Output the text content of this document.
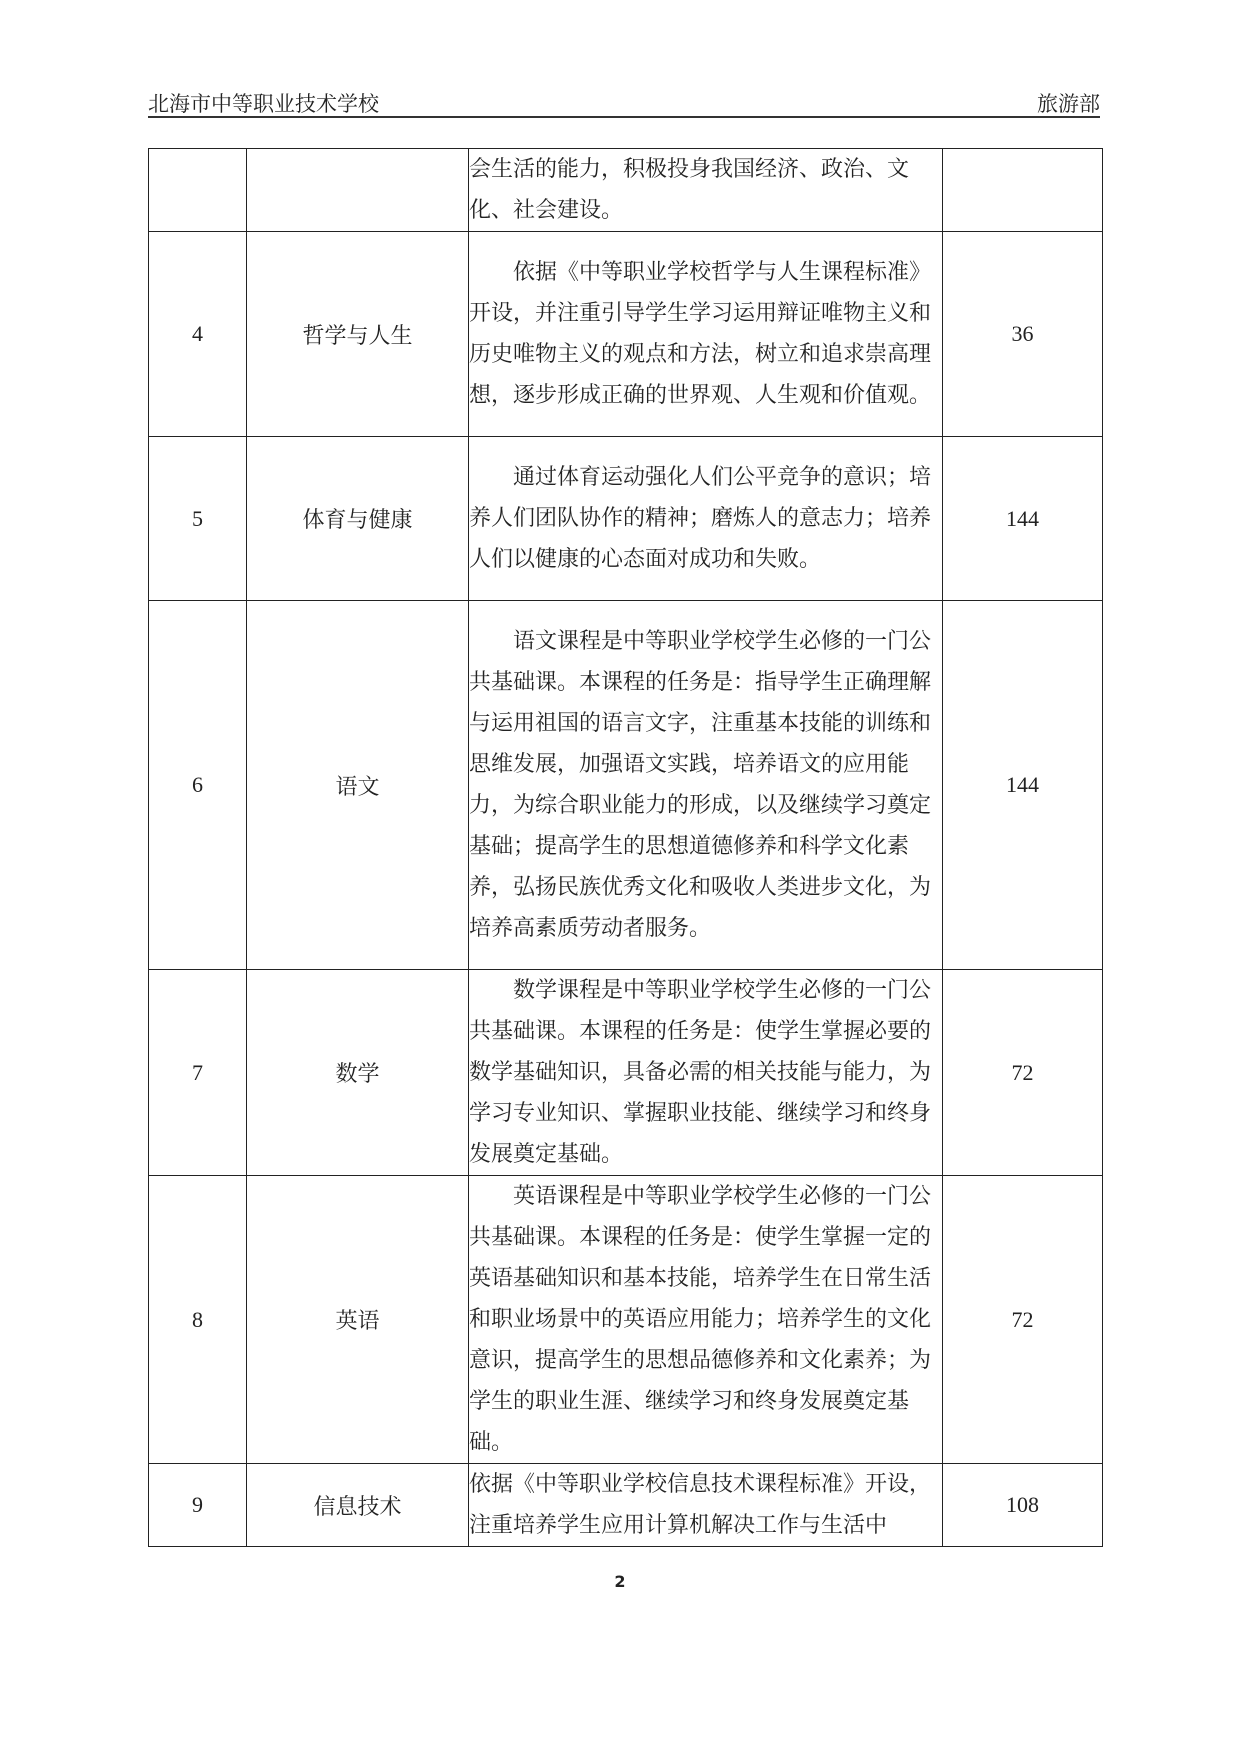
北海市中等职业技术学校	旅游部

		会生活的能力，积极投身我国经济、政治、文化、社会建设。	

4	哲学与人生	依据《中等职业学校哲学与人生课程标准》开设，并注重引导学生学习运用辩证唯物主义和历史唯物主义的观点和方法，树立和追求崇高理想，逐步形成正确的世界观、人生观和价值观。	36
5	体育与健康	通过体育运动强化人们公平竞争的意识；培养人们团队协作的精神；磨炼人的意志力；培养人们以健康的心态面对成功和失败。	144
6	语文	语文课程是中等职业学校学生必修的一门公共基础课。本课程的任务是：指导学生正确理解与运用祖国的语言文字，注重基本技能的训练和思维发展，加强语文实践，培养语文的应用能力，为综合职业能力的形成，以及继续学习奠定基础；提高学生的思想道德修养和科学文化素养，弘扬民族优秀文化和吸收人类进步文化，为培养高素质劳动者服务。	144
7	数学	数学课程是中等职业学校学生必修的一门公共基础课。本课程的任务是：使学生掌握必要的数学基础知识，具备必需的相关技能与能力，为学习专业知识、掌握职业技能、继续学习和终身发展奠定基础。	72
8	英语	英语课程是中等职业学校学生必修的一门公共基础课。本课程的任务是：使学生掌握一定的英语基础知识和基本技能，培养学生在日常生活和职业场景中的英语应用能力；培养学生的文化意识，提高学生的思想品德修养和文化素养；为学生的职业生涯、继续学习和终身发展奠定基础。	72
9	信息技术	依据《中等职业学校信息技术课程标准》开设，注重培养学生应用计算机解决工作与生活中	108
2
